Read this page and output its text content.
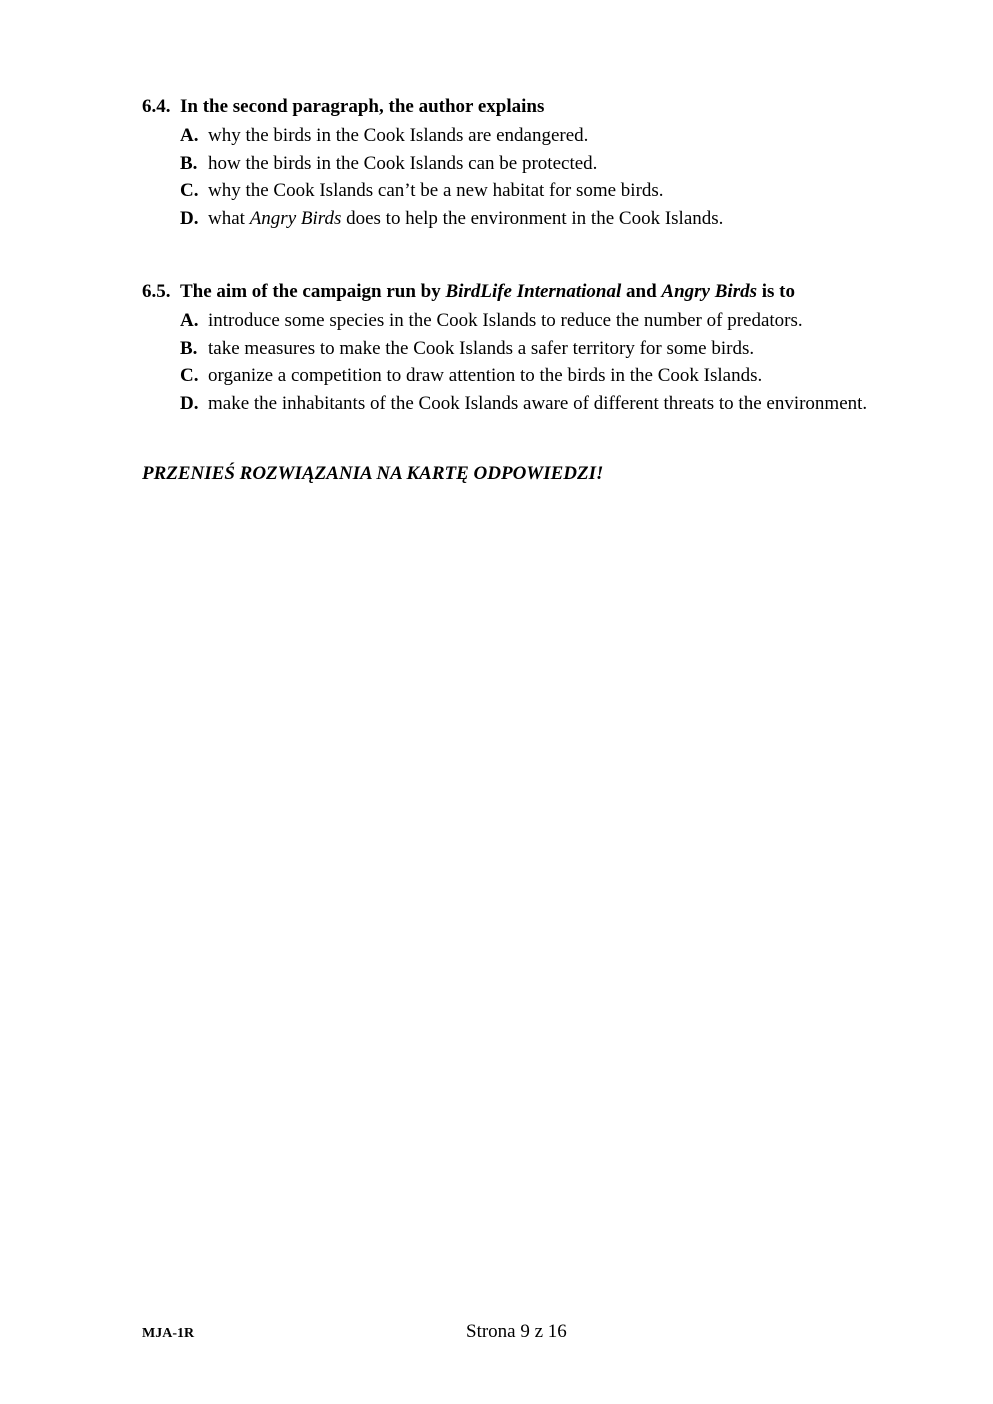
6.4. In the second paragraph, the author explains
A. why the birds in the Cook Islands are endangered.
B. how the birds in the Cook Islands can be protected.
C. why the Cook Islands can’t be a new habitat for some birds.
D. what Angry Birds does to help the environment in the Cook Islands.
6.5. The aim of the campaign run by BirdLife International and Angry Birds is to
A. introduce some species in the Cook Islands to reduce the number of predators.
B. take measures to make the Cook Islands a safer territory for some birds.
C. organize a competition to draw attention to the birds in the Cook Islands.
D. make the inhabitants of the Cook Islands aware of different threats to the environment.
PRZENIEŚ ROZWIĄZANIA NA KARTĘ ODPOWIEDZI!
MJA-1R	Strona 9 z 16
